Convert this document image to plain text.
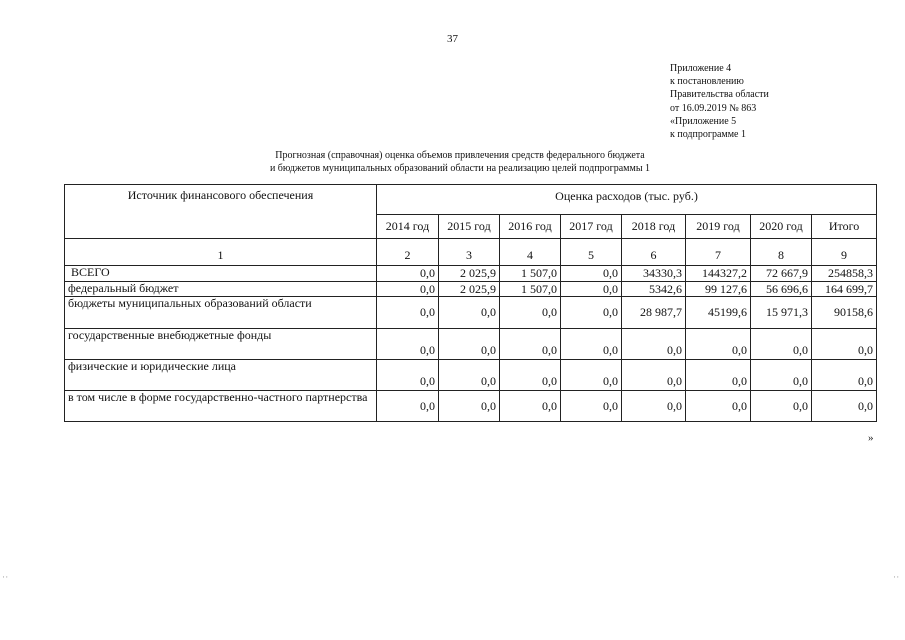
37
Приложение 4
к постановлению
Правительства области
от 16.09.2019 № 863
«Приложение 5
к подпрограмме 1
Прогнозная (справочная) оценка объемов привлечения средств федерального бюджета
и бюджетов муниципальных образований области на реализацию целей подпрограммы 1
Источник финансового обеспечения	Оценка расходов (тыс. руб.)							
	2014 год	2015 год	2016 год	2017 год	2018 год	2019 год	2020 год	Итого
1	2	3	4	5	6	7	8	9
ВСЕГО	0,0	2 025,9	1 507,0	0,0	34330,3	144327,2	72 667,9	254858,3
федеральный бюджет	0,0	2 025,9	1 507,0	0,0	5342,6	99 127,6	56 696,6	164 699,7
бюджеты муниципальных образований области	0,0	0,0	0,0	0,0	28 987,7	45199,6	15 971,3	90158,6
государственные внебюджетные фонды	0,0	0,0	0,0	0,0	0,0	0,0	0,0	0,0
физические и юридические лица	0,0	0,0	0,0	0,0	0,0	0,0	0,0	0,0
в том числе в форме государственно-частного партнерства	0,0	0,0	0,0	0,0	0,0	0,0	0,0	0,0
»
· ·	· ·
